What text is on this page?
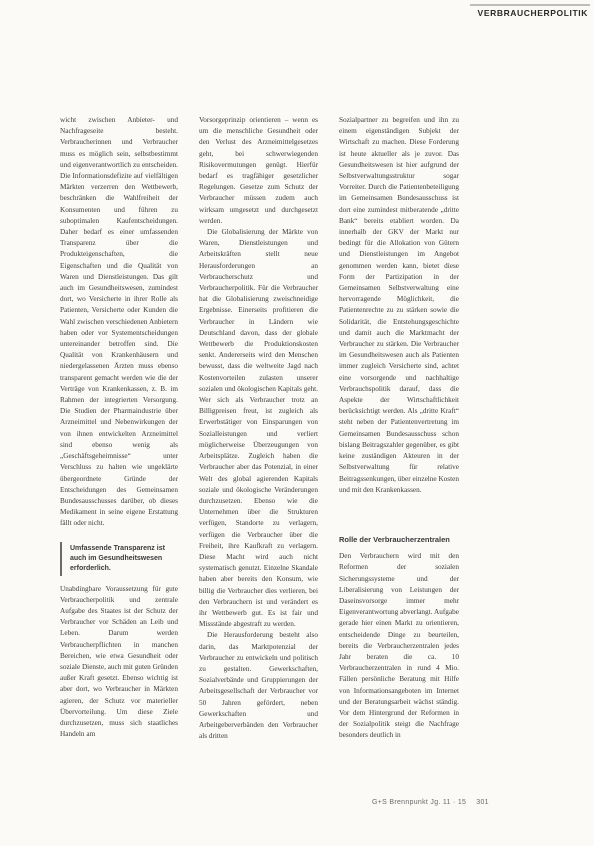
VERBRAUCHERPOLITIK

wicht zwischen Anbieter- und Nachfrageseite besteht. Verbraucherinnen und Verbraucher muss es möglich sein, selbstbestimmt und eigenverantwortlich zu entscheiden. Die Informationsdefizite auf vielfältigen Märkten verzerren den Wettbewerb, beschränken die Wahlfreiheit der Konsumenten und führen zu suboptimalen Kaufentscheidungen. Daher bedarf es einer umfassenden Transparenz über die Produkteigenschaften, die Eigenschaften und die Qualität von Waren und Dienstleistungen. Das gilt auch im Gesundheitswesen, zumindest dort, wo Versicherte in ihrer Rolle als Patienten, Versicherte oder Kunden die Wahl zwischen verschiedenen Anbietern haben oder vor Systementscheidungen untereinander betroffen sind. Die Qualität von Krankenhäusern und niedergelassenen Ärzten muss ebenso transparent gemacht werden wie die der Verträge von Krankenkassen, z. B. im Rahmen der integrierten Versorgung. Die Studien der Pharmaindustrie über Arzneimittel und Nebenwirkungen der von ihnen entwickelten Arzneimittel sind ebenso wenig als „Geschäftsgeheimnisse“ unter Verschluss zu halten wie ungeklärte übergeordnete Gründe der Entscheidungen des Gemeinsamen Bundesausschusses darüber, ob dieses Medikament in seine eigene Erstattung fällt oder nicht.

Umfassende Transparenz ist auch im Gesundheitswesen erforderlich.

Unabdingbare Voraussetzung für gute Verbraucherpolitik und zentrale Aufgabe des Staates ist der Schutz der Verbraucher vor Schäden an Leib und Leben. Darum werden Verbraucherpflichten in manchen Bereichen, wie etwa Gesundheit oder soziale Dienste, auch mit guten Gründen außer Kraft gesetzt. Ebenso wichtig ist aber dort, wo Verbraucher in Märkten agieren, der Schutz vor materieller Übervorteilung. Um diese Ziele durchzusetzen, muss sich staatliches Handeln am

Vorsorgeprinzip orientieren – wenn es um die menschliche Gesundheit oder den Verlust des Arzneimittelgesetzes geht, bei schwerwiegenden Risikovermutungen genügt. Hierfür bedarf es tragfähiger gesetzlicher Regelungen. Gesetze zum Schutz der Verbraucher müssen zudem auch wirksam umgesetzt und durchgesetzt werden.

Die Globalisierung der Märkte von Waren, Dienstleistungen und Arbeitskräften stellt neue Herausforderungen an Verbraucherschutz und Verbraucherpolitik. Für die Verbraucher hat die Globalisierung zweischneidige Ergebnisse. Einerseits profitieren die Verbraucher in Ländern wie Deutschland davon, dass der globale Wettbewerb die Produktionskosten senkt. Andererseits wird den Menschen bewusst, dass die weltweite Jagd nach Kostenvorteilen zulasten unserer sozialen und ökologischen Kapitals geht. Wer sich als Verbraucher trotz an Billigpreisen freut, ist zugleich als Erwerbstätiger von Einsparungen von Sozialleistungen und verliert möglicherweise Überzeugungen von Arbeitsplätze. Zugleich haben die Verbraucher aber das Potenzial, in einer Welt des global agierenden Kapitals soziale und ökologische Veränderungen durchzusetzen. Ebenso wie die Unternehmen über die Strukturen verfügen, Standorte zu verlagern, verfügen die Verbraucher über die Freiheit, ihre Kaufkraft zu verlagern. Diese Macht wird auch nicht systematisch genutzt. Einzelne Skandale haben aber bereits den Konsum, wie billig die Verbraucher dies verlieren, bei den Verbrauchern ist und verändert es ihr Wettbewerb gut. Es ist fair und Missstände abgestraft zu werden.

Die Herausforderung besteht also darin, das Marktpotenzial der Verbraucher zu entwickeln und politisch zu gestalten. Gewerkschaften, Sozialverbände und Gruppierungen der Arbeitsgesellschaft der Verbraucher vor 50 Jahren gefördert, neben Gewerkschaften und Arbeitgeberverbänden den Verbraucher als dritten

Sozialpartner zu begreifen und ihn zu einem eigenständigen Subjekt der Wirtschaft zu machen. Diese Forderung ist heute aktueller als je zuvor. Das Gesundheitswesen ist hier aufgrund der Selbstverwaltungsstruktur sogar Vorreiter. Durch die Patientenbeteiligung im Gemeinsamen Bundesausschuss ist dort eine zumindest mitberatende „dritte Bank“ bereits etabliert worden. Da innerhalb der GKV der Markt nur bedingt für die Allokation von Gütern und Dienstleistungen im Angebot genommen werden kann, bietet diese Form der Partizipation in der Gemeinsamen Selbstverwaltung eine hervorragende Möglichkeit, die Patientenrechte zu zu stärken sowie die Solidarität, die Entstehungsgeschichte und damit auch die Marktmacht der Verbraucher zu stärken. Die Verbraucher im Gesundheitswesen auch als Patienten immer zugleich Versicherte sind, achtet eine vorsorgende und nachhaltige Verbrauchspolitik darauf, dass die Aspekte der Wirtschaftlichkeit berücksichtigt werden. Als „dritte Kraft“ steht neben der Patientenvertretung im Gemeinsamen Bundesausschuss schon bislang Beitragszahler gegenüber, es gibt keine zuständigen Akteuren in der Selbstverwaltung für relative Beitragssenkungen, über einzelne Kosten und mit den Krankenkassen.

Rolle der Verbraucherzentralen

Den Verbrauchern wird mit den Reformen der sozialen Sicherungssysteme und der Liberalisierung von Leistungen der Daseinsvorsorge immer mehr Eigenverantwortung abverlangt. Aufgabe gerade hier einen Markt zu orientieren, entscheidende Dinge zu beurteilen, bereits die Verbraucherzentralen jedes Jahr beraten die ca. 10 Verbraucherzentralen in rund 4 Mio. Fällen persönliche Beratung mit Hilfe von Informationsangeboten im Internet und der Beratungsarbeit wächst ständig. Vor dem Hintergrund der Reformen in der Sozialpolitik steigt die Nachfrage besonders deutlich in

G+S Brennpunkt Jg. 11 · 15 301
